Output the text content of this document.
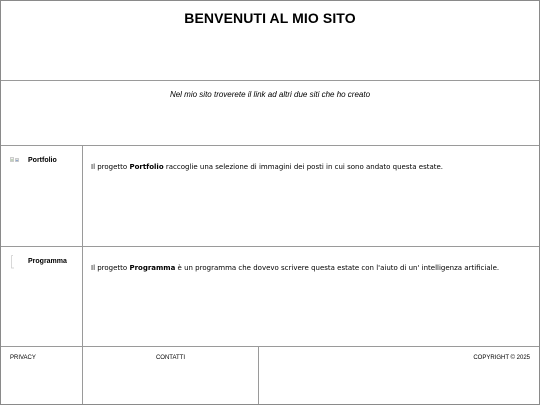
BENVENUTI AL MIO SITO
Nel mio sito troverete il link ad altri due siti che ho creato
Portfolio
Il progetto Portfolio raccoglie una selezione di immagini dei posti in cui sono andato questa estate.
Programma
Il progetto Programma è un programma che dovevo scrivere questa estate con l'aiuto di un' intelligenza artificiale.
PRIVACY	CONTATTI	COPYRIGHT © 2025
